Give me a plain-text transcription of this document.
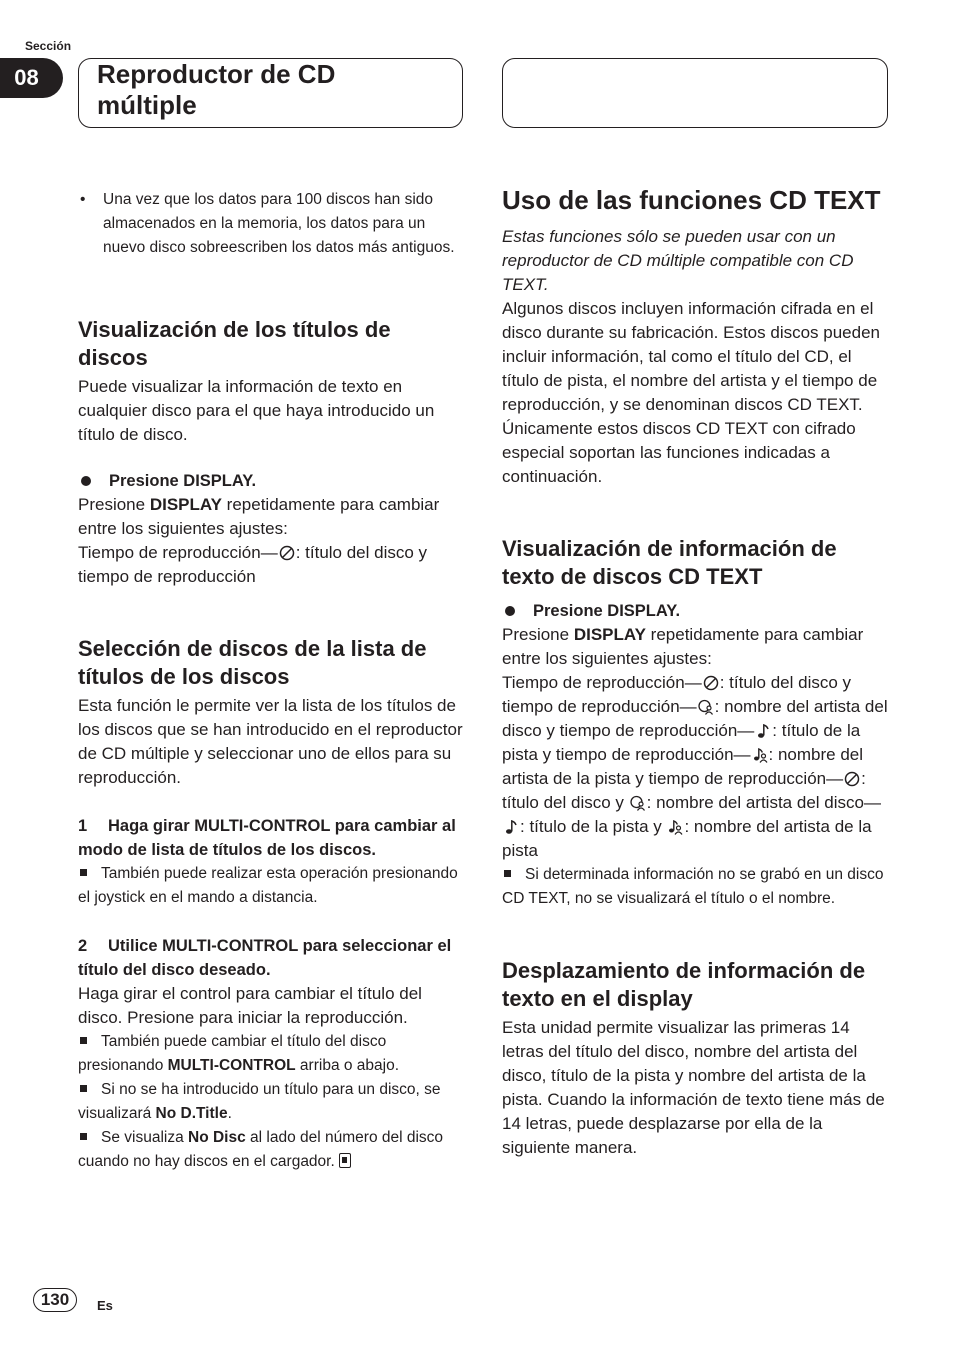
Sección
08	Reproductor de CD múltiple
• Una vez que los datos para 100 discos han sido almacenados en la memoria, los datos para un nuevo disco sobreescriben los datos más antiguos.
Visualización de los títulos de discos

Puede visualizar la información de texto en cualquier disco para el que haya introducido un título de disco.

Presione DISPLAY.

Presione DISPLAY repetidamente para cambiar entre los siguientes ajustes:

Tiempo de reproducción— : título del disco y tiempo de reproducción

Selección de discos de la lista de títulos de los discos

Esta función le permite ver la lista de los títulos de los discos que se han introducido en el reproductor de CD múltiple y seleccionar uno de ellos para su reproducción.

1 Haga girar MULTI-CONTROL para cambiar al modo de lista de títulos de los discos.
También puede realizar esta operación presionando el joystick en el mando a distancia.
2 Utilice MULTI-CONTROL para seleccionar el título del disco deseado.

Haga girar el control para cambiar el título del disco. Presione para iniciar la reproducción.

También puede cambiar el título del disco presionando MULTI-CONTROL arriba o abajo.
Si no se ha introducido un título para un disco, se visualizará No D.Title.
Se visualiza No Disc al lado del número del disco cuando no hay discos en el cargador.
Uso de las funciones CD TEXT

Estas funciones sólo se pueden usar con un reproductor de CD múltiple compatible con CD TEXT.

Algunos discos incluyen información cifrada en el disco durante su fabricación. Estos discos pueden incluir información, tal como el título del CD, el título de pista, el nombre del artista y el tiempo de reproducción, y se denominan discos CD TEXT. Únicamente estos discos CD TEXT con cifrado especial soportan las funciones indicadas a continuación.

Visualización de información de texto de discos CD TEXT
Presione DISPLAY.

Presione DISPLAY repetidamente para cambiar entre los siguientes ajustes:

Tiempo de reproducción— : título del disco y tiempo de reproducción— : nombre del artista del disco y tiempo de reproducción— : título de la pista y tiempo de reproducción— : nombre del artista de la pista y tiempo de reproducción— : título del disco y : nombre del artista del disco—: título de la pista y : nombre del artista de la pista

Si determinada información no se grabó en un disco CD TEXT, no se visualizará el título o el nombre.
Desplazamiento de información de texto en el display

Esta unidad permite visualizar las primeras 14 letras del título del disco, nombre del artista del disco, título de la pista y nombre del artista de la pista. Cuando la información de texto tiene más de 14 letras, puede desplazarse por ella de la siguiente manera.

130	Es
